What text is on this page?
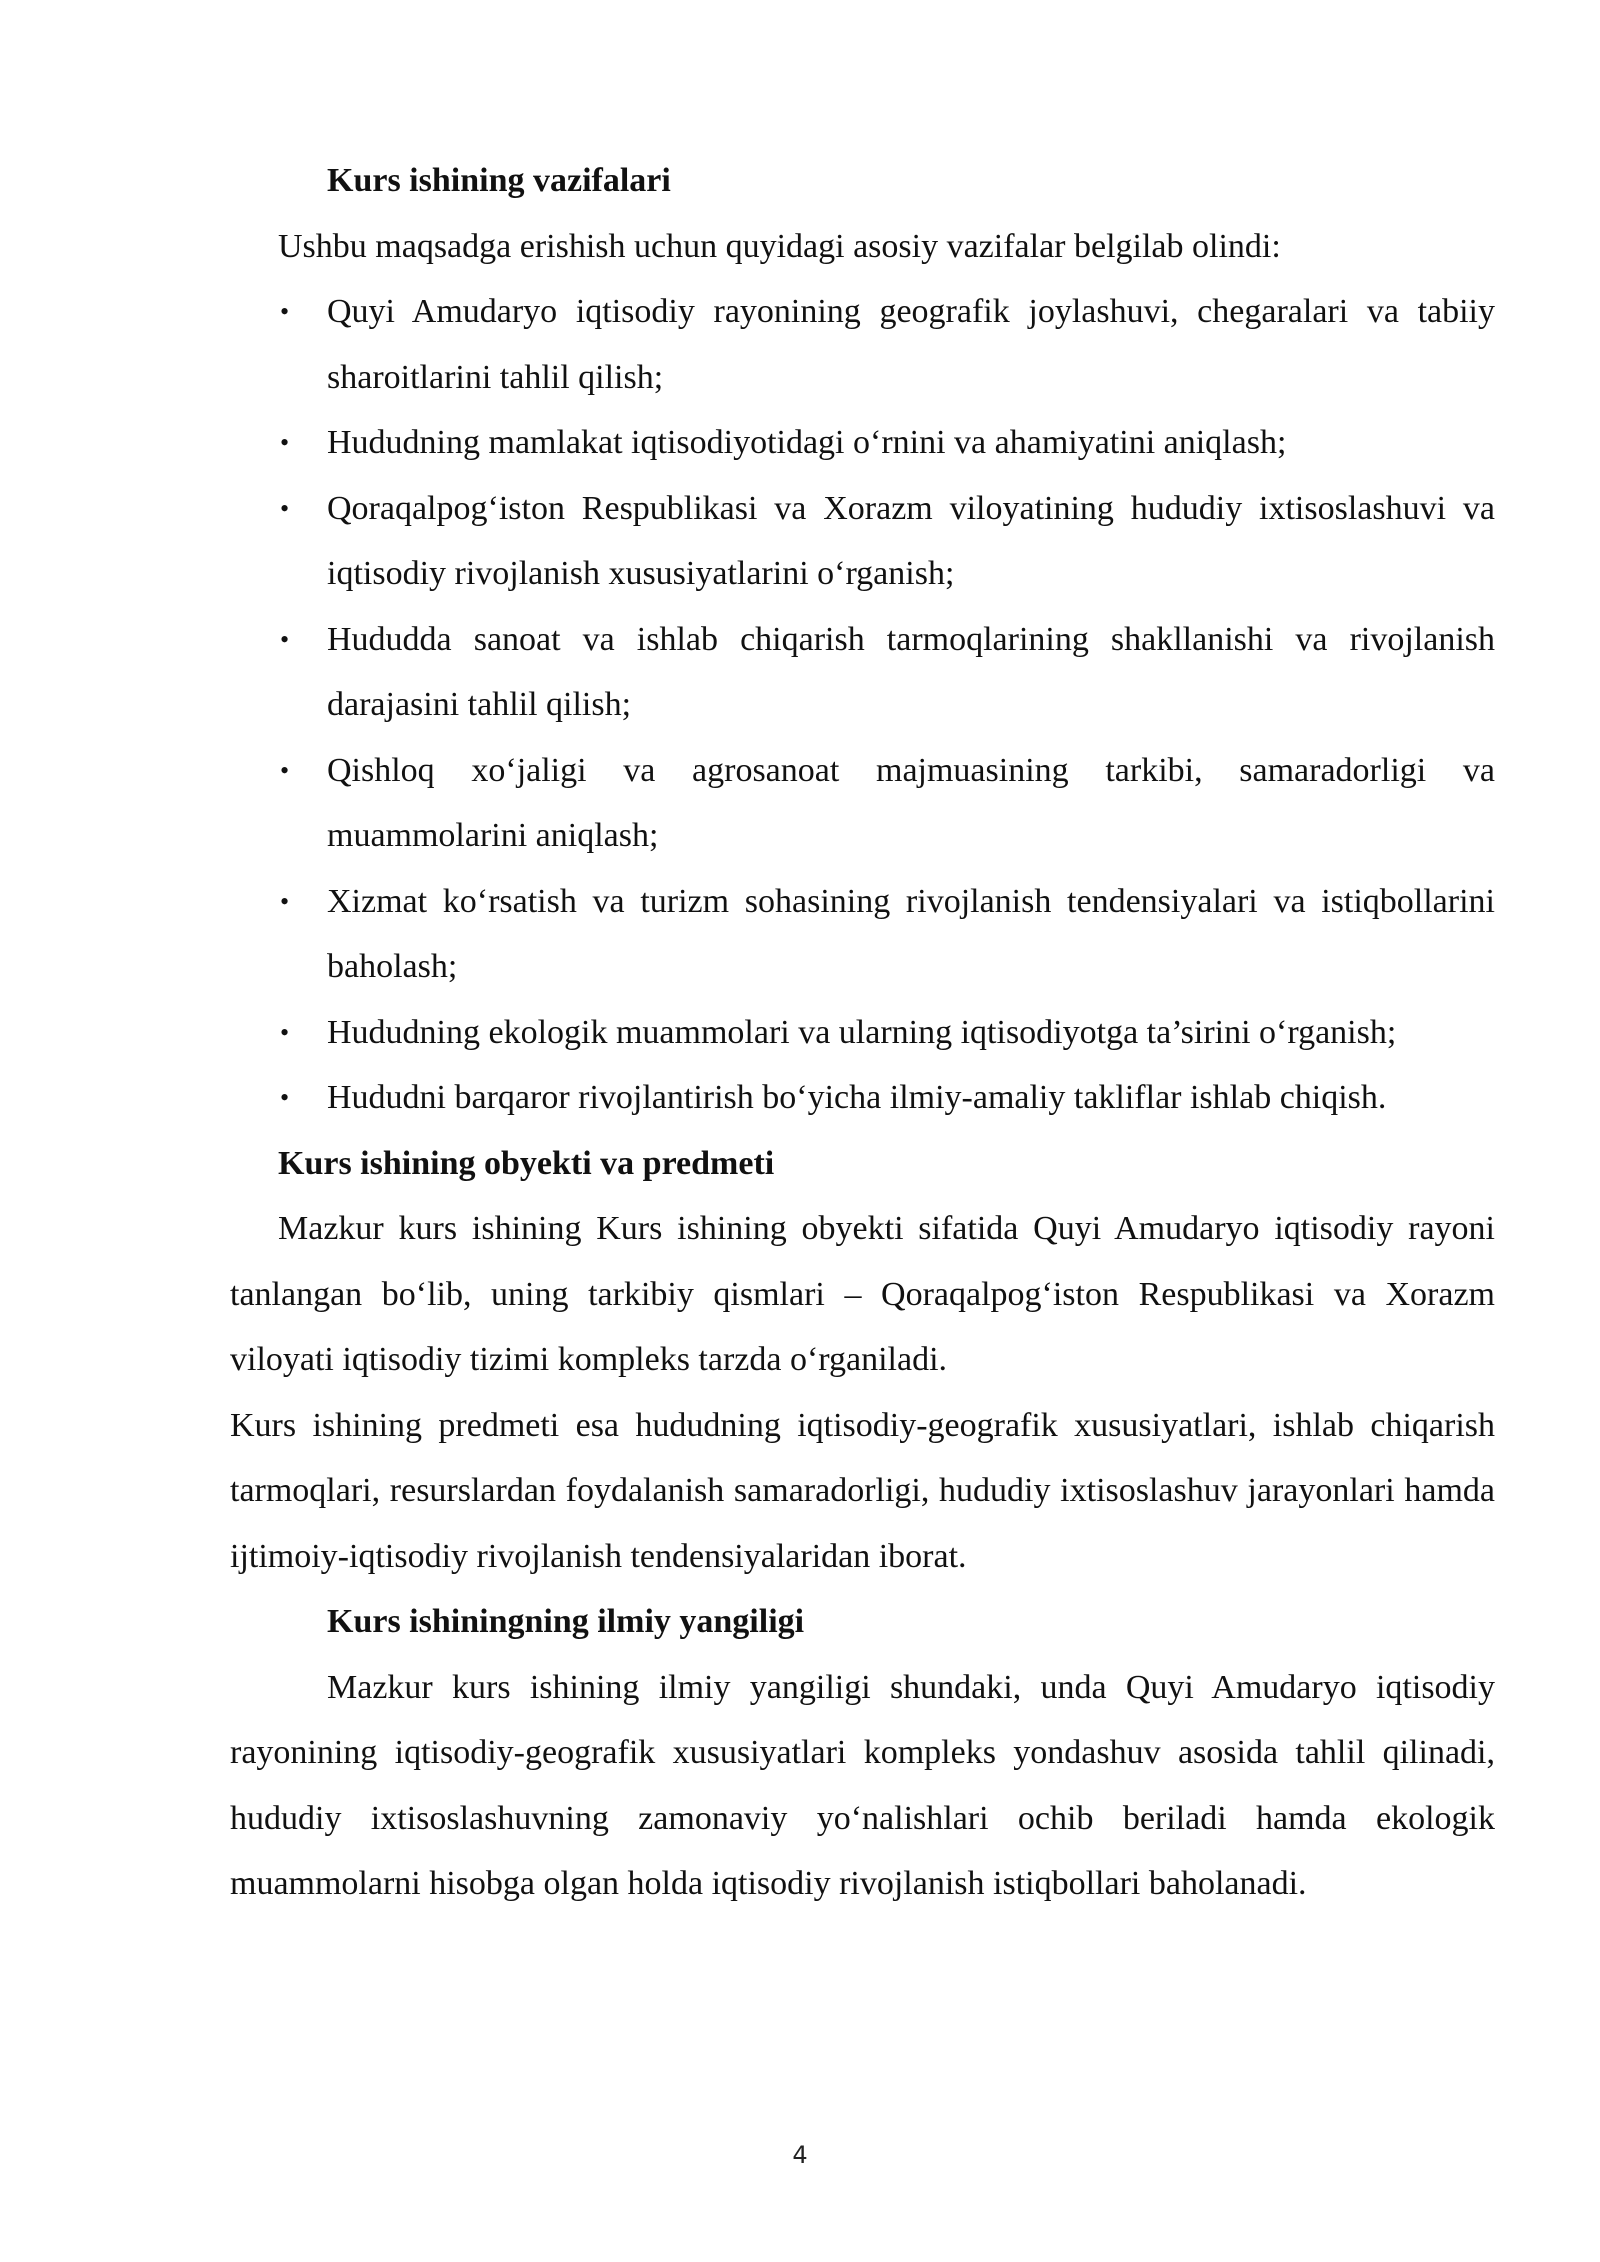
Kurs ishining vazifalari

Ushbu maqsadga erishish uchun quyidagi asosiy vazifalar belgilab olindi:

• Quyi Amudaryo iqtisodiy rayonining geografik joylashuvi, chegaralari va tabiiy sharoitlarini tahlil qilish;
• Hududning mamlakat iqtisodiyotidagi o‘rnini va ahamiyatini aniqlash;
• Qoraqalpog‘iston Respublikasi va Xorazm viloyatining hududiy ixtisoslashuvi va iqtisodiy rivojlanish xususiyatlarini o‘rganish;
• Hududda sanoat va ishlab chiqarish tarmoqlarining shakllanishi va rivojlanish darajasini tahlil qilish;
• Qishloq xo‘jaligi va agrosanoat majmuasining tarkibi, samaradorligi va muammolarini aniqlash;
• Xizmat ko‘rsatish va turizm sohasining rivojlanish tendensiyalari va istiqbollarini baholash;
• Hududning ekologik muammolari va ularning iqtisodiyotga ta’sirini o‘rganish;
• Hududni barqaror rivojlantirish bo‘yicha ilmiy-amaliy takliflar ishlab chiqish.
Kurs ishining obyekti va predmeti

Mazkur kurs ishining Kurs ishining obyekti sifatida Quyi Amudaryo iqtisodiy rayoni tanlangan bo‘lib, uning tarkibiy qismlari – Qoraqalpog‘iston Respublikasi va Xorazm viloyati iqtisodiy tizimi kompleks tarzda o‘rganiladi.

Kurs ishining predmeti esa hududning iqtisodiy-geografik xususiyatlari, ishlab chiqarish tarmoqlari, resurslardan foydalanish samaradorligi, hududiy ixtisoslashuv jarayonlari hamda ijtimoiy-iqtisodiy rivojlanish tendensiyalaridan iborat.

Kurs ishiningning ilmiy yangiligi

Mazkur kurs ishining ilmiy yangiligi shundaki, unda Quyi Amudaryo iqtisodiy rayonining iqtisodiy-geografik xususiyatlari kompleks yondashuv asosida tahlil qilinadi, hududiy ixtisoslashuvning zamonaviy yo‘nalishlari ochib beriladi hamda ekologik muammolarni hisobga olgan holda iqtisodiy rivojlanish istiqbollari baholanadi.

4
